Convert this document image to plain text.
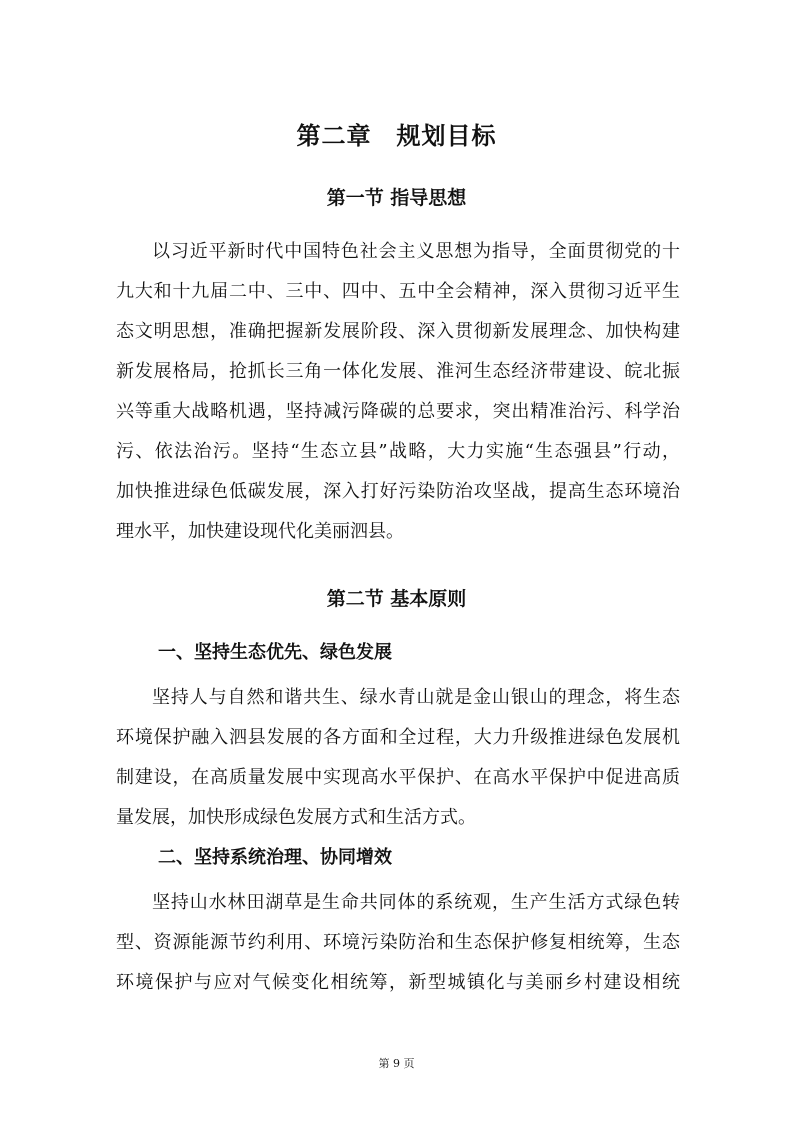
第二章　规划目标
第一节 指导思想
以习近平新时代中国特色社会主义思想为指导，全面贯彻党的十
九大和十九届二中、三中、四中、五中全会精神，深入贯彻习近平生
态文明思想，准确把握新发展阶段、深入贯彻新发展理念、加快构建
新发展格局，抢抓长三角一体化发展、淮河生态经济带建设、皖北振
兴等重大战略机遇，坚持减污降碳的总要求，突出精准治污、科学治
污、依法治污。坚持“生态立县”战略，大力实施“生态强县”行动，
加快推进绿色低碳发展，深入打好污染防治攻坚战，提高生态环境治
理水平，加快建设现代化美丽泗县。
第二节 基本原则
一、坚持生态优先、绿色发展
坚持人与自然和谐共生、绿水青山就是金山银山的理念，将生态
环境保护融入泗县发展的各方面和全过程，大力升级推进绿色发展机
制建设，在高质量发展中实现高水平保护、在高水平保护中促进高质
量发展，加快形成绿色发展方式和生活方式。
二、坚持系统治理、协同增效
坚持山水林田湖草是生命共同体的系统观，生产生活方式绿色转
型、资源能源节约利用、环境污染防治和生态保护修复相统筹，生态
环境保护与应对气候变化相统筹，新型城镇化与美丽乡村建设相统
第 9 页
